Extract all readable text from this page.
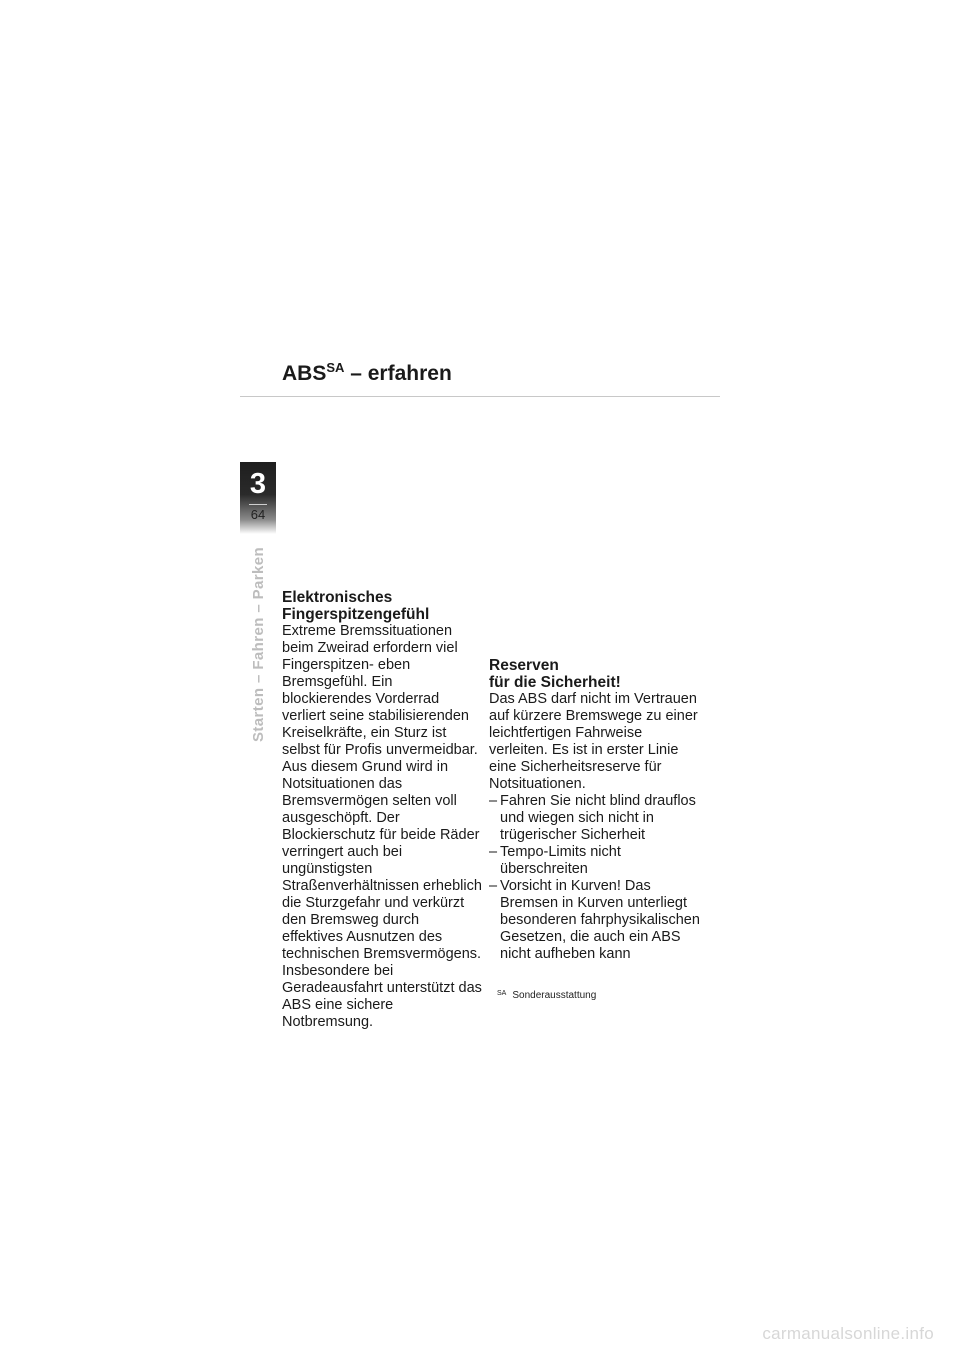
$ABS^{SA}$ – erfahren
3
64
Starten – Fahren – Parken Elektronisches
Fingerspitzengefühl

Extreme Bremssituationen beim Zweirad erfordern viel Fingerspitzen- eben Bremsgefühl. Ein blockierendes Vorderrad verliert seine stabilisierenden Kreiselkräfte, ein Sturz ist selbst für Profis unvermeidbar.

Aus diesem Grund wird in Notsituationen das Bremsvermögen selten voll ausgeschöpft. Der Blockierschutz für beide Räder verringert auch bei ungünstigsten Straßenverhältnissen erheblich die Sturzgefahr und verkürzt den Bremsweg durch effektives Ausnutzen des technischen Bremsvermögens.

Insbesondere bei Geradeausfahrt unterstützt das ABS eine sichere Notbremsung.

Reserven
für die Sicherheit!

Das ABS darf nicht im Vertrauen auf kürzere Bremswege zu einer leichtfertigen Fahrweise verleiten. Es ist in erster Linie eine Sicherheitsreserve für Notsituationen.

– Fahren Sie nicht blind drauflos und wiegen sich nicht in trügerischer Sicherheit
– Tempo-Limits nicht überschreiten
– Vorsicht in Kurven! Das Bremsen in Kurven unterliegt besonderen fahrphysikalischen Gesetzen, die auch ein ABS nicht aufheben kann
$^{SA}$ Sonderausstattung
carmanualsonline.info
